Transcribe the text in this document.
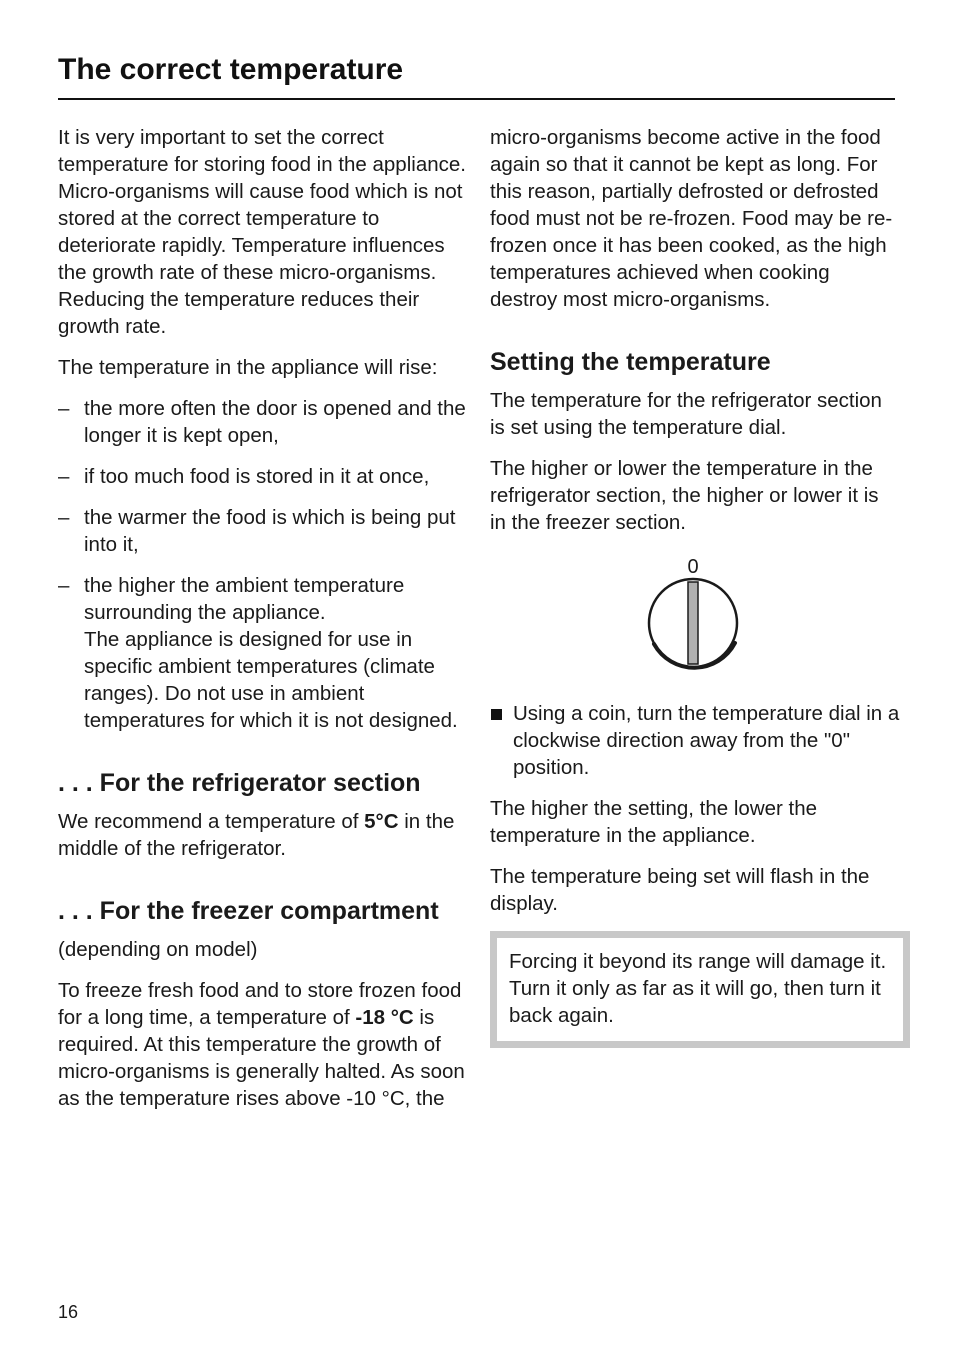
The correct temperature

It is very important to set the correct temperature for storing food in the appliance. Micro-organisms will cause food which is not stored at the correct temperature to deteriorate rapidly. Temperature influences the growth rate of these micro-organisms. Reducing the temperature reduces their growth rate.

The temperature in the appliance will rise:

– the more often the door is opened and the longer it is kept open,
– if too much food is stored in it at once,
– the warmer the food is which is being put into it,
– the higher the ambient temperature surrounding the appliance.
The appliance is designed for use in specific ambient temperatures (climate ranges). Do not use in ambient temperatures for which it is not designed.
. . . For the refrigerator section

We recommend a temperature of 5°C in the middle of the refrigerator.

. . . For the freezer compartment

(depending on model)

To freeze fresh food and to store frozen food for a long time, a temperature of -18 °C is required. At this temperature the growth of micro-organisms is generally halted. As soon as the temperature rises above -10 °C, the

micro-organisms become active in the food again so that it cannot be kept as long. For this reason, partially defrosted or defrosted food must not be re-frozen. Food may be re-frozen once it has been cooked, as the high temperatures achieved when cooking destroy most micro-organisms.

Setting the temperature

The temperature for the refrigerator section is set using the temperature dial.

The higher or lower the temperature in the refrigerator section, the higher or lower it is in the freezer section.

0
Using a coin, turn the temperature dial in a clockwise direction away from the "0" position.

The higher the setting, the lower the temperature in the appliance.

The temperature being set will flash in the display.

Forcing it beyond its range will damage it. Turn it only as far as it will go, then turn it back again.
16
